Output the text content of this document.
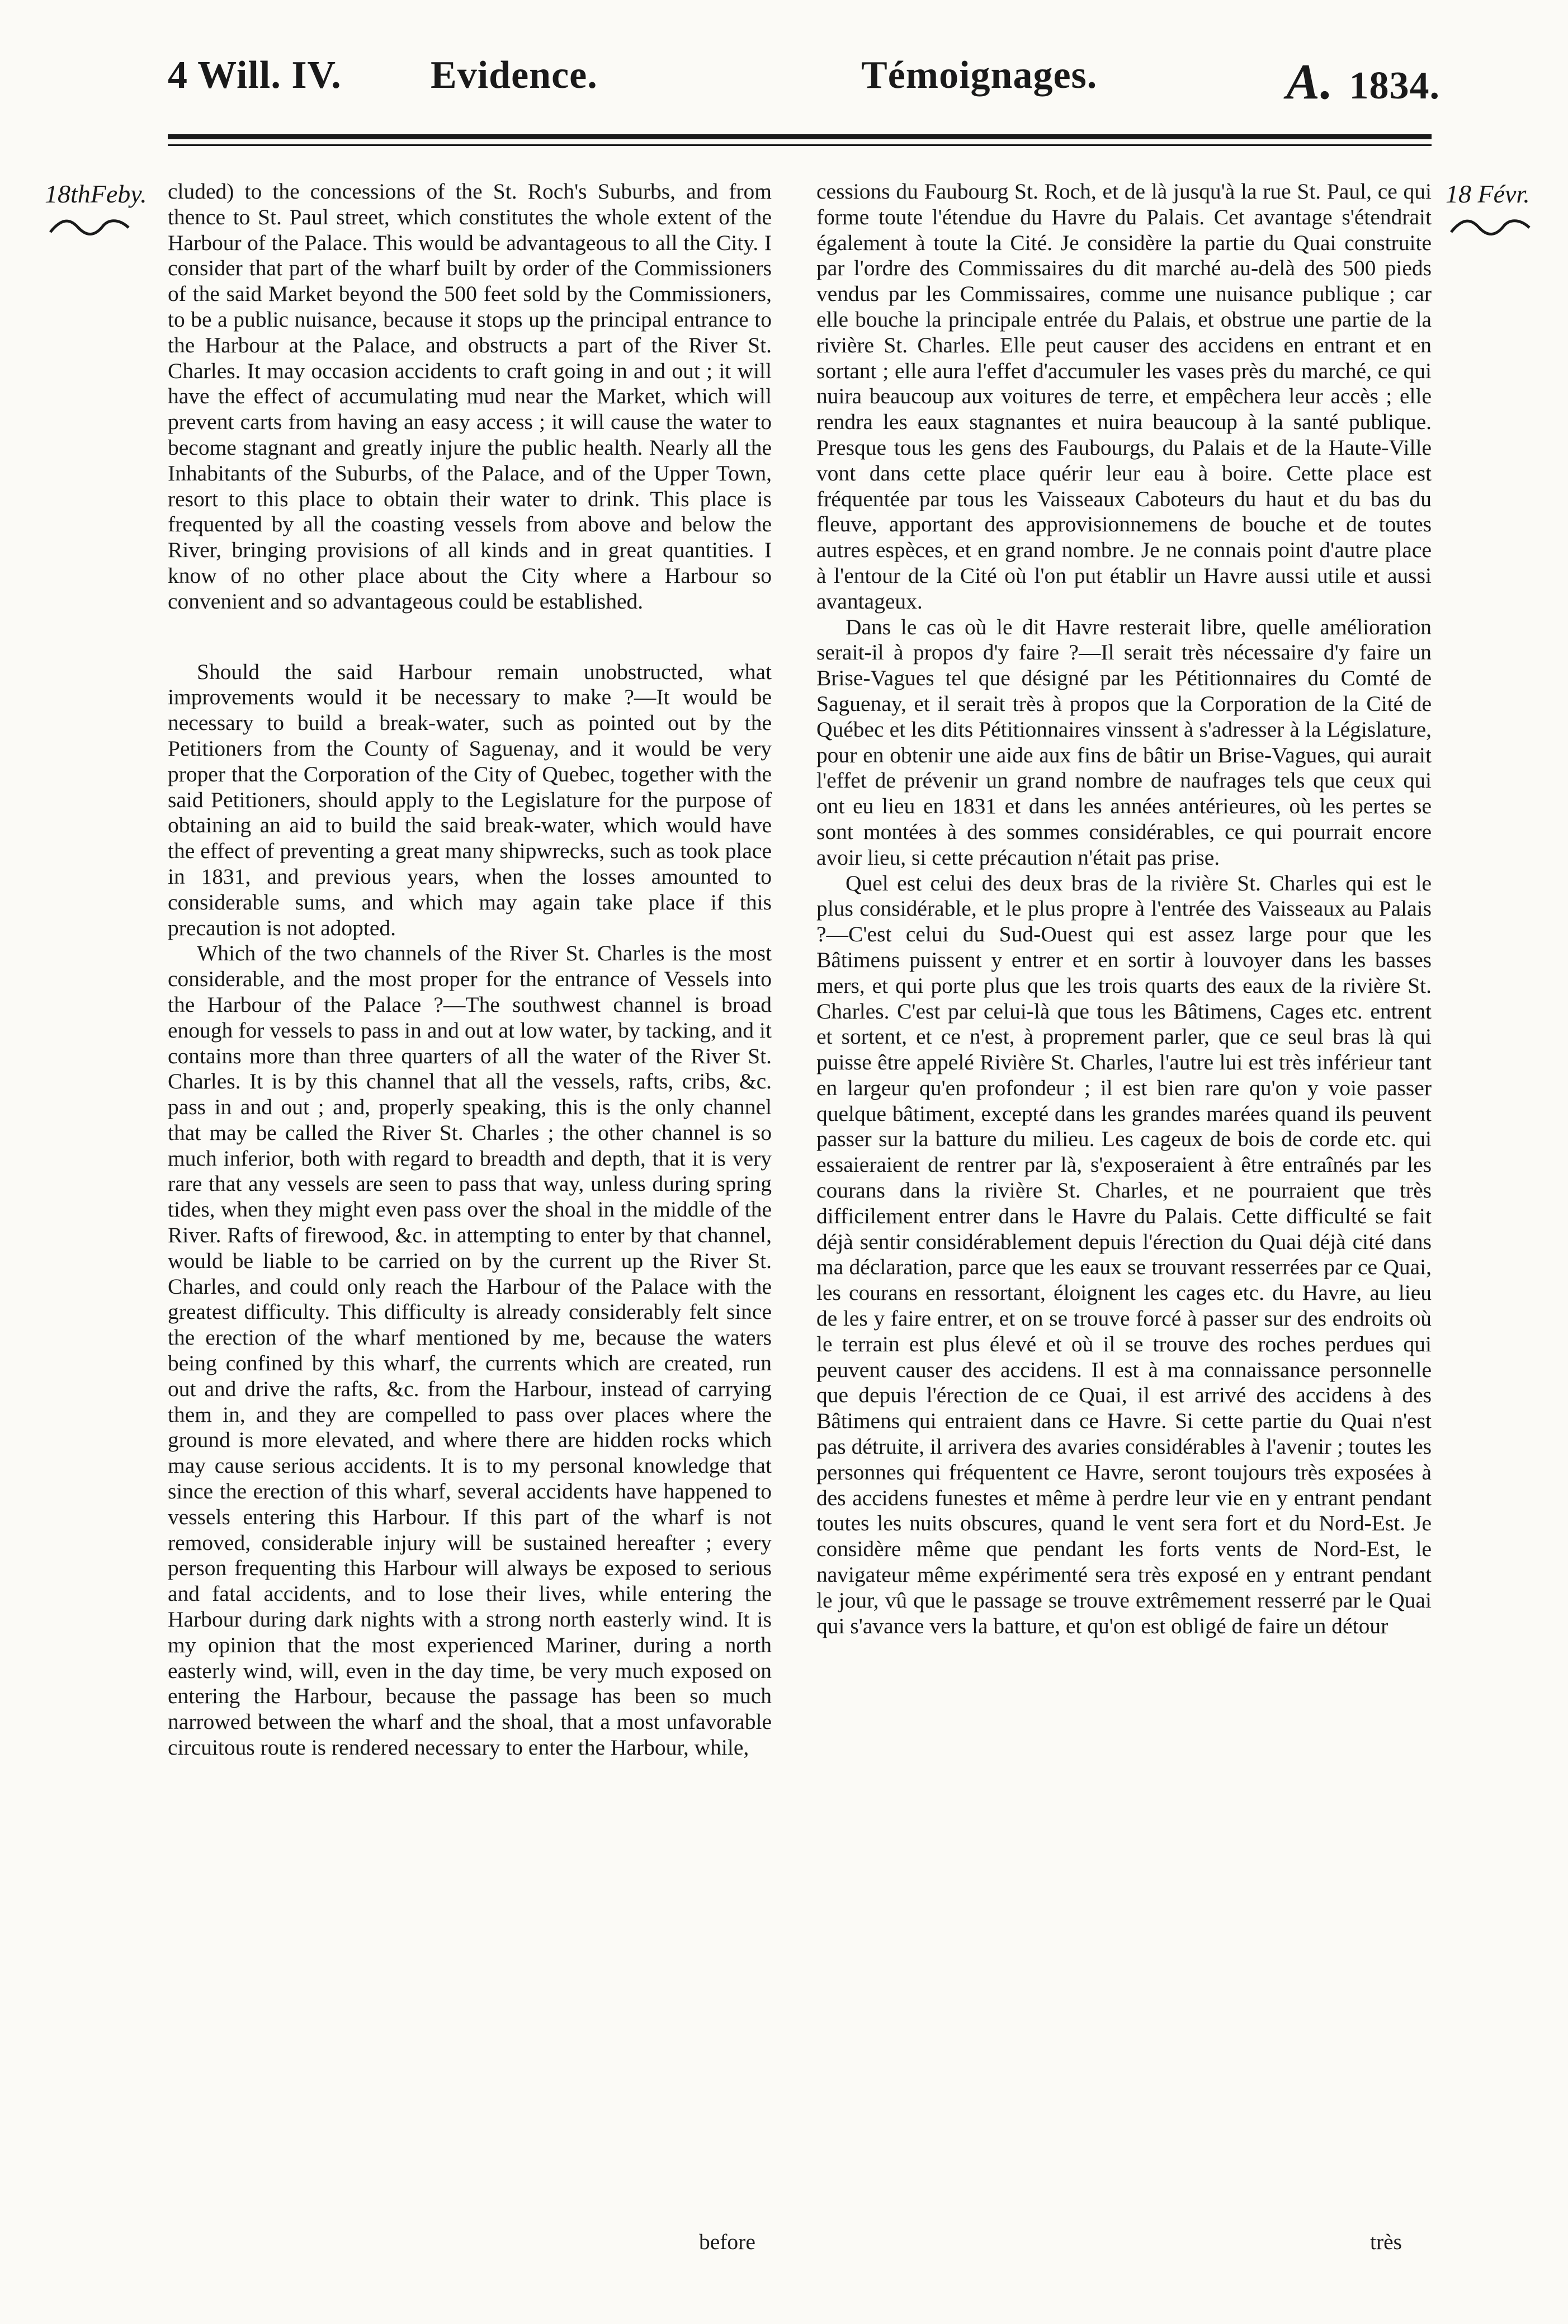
4 Will. IV. Evidence.	Témoignages.	A. 1834.
18thFeby.	18 Févr.

cluded) to the concessions of the St. Roch's Suburbs, and from thence to St. Paul street, which constitutes the whole extent of the Harbour of the Palace. This would be advantageous to all the City. I consider that part of the wharf built by order of the Commissioners of the said Market beyond the 500 feet sold by the Commissioners, to be a public nuisance, because it stops up the principal entrance to the Harbour at the Palace, and obstructs a part of the River St. Charles. It may occasion accidents to craft going in and out ; it will have the effect of accumulating mud near the Market, which will prevent carts from having an easy access ; it will cause the water to become stagnant and greatly injure the public health. Nearly all the Inhabitants of the Suburbs, of the Palace, and of the Upper Town, resort to this place to obtain their water to drink. This place is frequented by all the coasting vessels from above and below the River, bringing provisions of all kinds and in great quantities. I know of no other place about the City where a Harbour so convenient and so advantageous could be established.

Should the said Harbour remain unobstructed, what improvements would it be necessary to make ?—It would be necessary to build a break-water, such as pointed out by the Petitioners from the County of Saguenay, and it would be very proper that the Corporation of the City of Quebec, together with the said Petitioners, should apply to the Legislature for the purpose of obtaining an aid to build the said break-water, which would have the effect of preventing a great many shipwrecks, such as took place in 1831, and previous years, when the losses amounted to considerable sums, and which may again take place if this precaution is not adopted.

Which of the two channels of the River St. Charles is the most considerable, and the most proper for the entrance of Vessels into the Harbour of the Palace ?—The southwest channel is broad enough for vessels to pass in and out at low water, by tacking, and it contains more than three quarters of all the water of the River St. Charles. It is by this channel that all the vessels, rafts, cribs, &c. pass in and out ; and, properly speaking, this is the only channel that may be called the River St. Charles ; the other channel is so much inferior, both with regard to breadth and depth, that it is very rare that any vessels are seen to pass that way, unless during spring tides, when they might even pass over the shoal in the middle of the River. Rafts of firewood, &c. in attempting to enter by that channel, would be liable to be carried on by the current up the River St. Charles, and could only reach the Harbour of the Palace with the greatest difficulty. This difficulty is already considerably felt since the erection of the wharf mentioned by me, because the waters being confined by this wharf, the currents which are created, run out and drive the rafts, &c. from the Harbour, instead of carrying them in, and they are compelled to pass over places where the ground is more elevated, and where there are hidden rocks which may cause serious accidents. It is to my personal knowledge that since the erection of this wharf, several accidents have happened to vessels entering this Harbour. If this part of the wharf is not removed, considerable injury will be sustained hereafter ; every person frequenting this Harbour will always be exposed to serious and fatal accidents, and to lose their lives, while entering the Harbour during dark nights with a strong north easterly wind. It is my opinion that the most experienced Mariner, during a north easterly wind, will, even in the day time, be very much exposed on entering the Harbour, because the passage has been so much narrowed between the wharf and the shoal, that a most unfavorable circuitous route is rendered necessary to enter the Harbour, while,

before

cessions du Faubourg St. Roch, et de là jusqu'à la rue St. Paul, ce qui forme toute l'étendue du Havre du Palais. Cet avantage s'étendrait également à toute la Cité. Je considère la partie du Quai construite par l'ordre des Commissaires du dit marché au-delà des 500 pieds vendus par les Commissaires, comme une nuisance publique ; car elle bouche la principale entrée du Palais, et obstrue une partie de la rivière St. Charles. Elle peut causer des accidens en entrant et en sortant ; elle aura l'effet d'accumuler les vases près du marché, ce qui nuira beaucoup aux voitures de terre, et empêchera leur accès ; elle rendra les eaux stagnantes et nuira beaucoup à la santé publique. Presque tous les gens des Faubourgs, du Palais et de la Haute-Ville vont dans cette place quérir leur eau à boire. Cette place est fréquentée par tous les Vaisseaux Caboteurs du haut et du bas du fleuve, apportant des approvisionnemens de bouche et de toutes autres espèces, et en grand nombre. Je ne connais point d'autre place à l'entour de la Cité où l'on put établir un Havre aussi utile et aussi avantageux.

Dans le cas où le dit Havre resterait libre, quelle amélioration serait-il à propos d'y faire ?—Il serait très nécessaire d'y faire un Brise-Vagues tel que désigné par les Pétitionnaires du Comté de Saguenay, et il serait très à propos que la Corporation de la Cité de Québec et les dits Pétitionnaires vinssent à s'adresser à la Législature, pour en obtenir une aide aux fins de bâtir un Brise-Vagues, qui aurait l'effet de prévenir un grand nombre de naufrages tels que ceux qui ont eu lieu en 1831 et dans les années antérieures, où les pertes se sont montées à des sommes considérables, ce qui pourrait encore avoir lieu, si cette précaution n'était pas prise.

Quel est celui des deux bras de la rivière St. Charles qui est le plus considérable, et le plus propre à l'entrée des Vaisseaux au Palais ?—C'est celui du Sud-Ouest qui est assez large pour que les Bâtimens puissent y entrer et en sortir à louvoyer dans les basses mers, et qui porte plus que les trois quarts des eaux de la rivière St. Charles. C'est par celui-là que tous les Bâtimens, Cages etc. entrent et sortent, et ce n'est, à proprement parler, que ce seul bras là qui puisse être appelé Rivière St. Charles, l'autre lui est très inférieur tant en largeur qu'en profondeur ; il est bien rare qu'on y voie passer quelque bâtiment, excepté dans les grandes marées quand ils peuvent passer sur la batture du milieu. Les cageux de bois de corde etc. qui essaieraient de rentrer par là, s'exposeraient à être entraînés par les courans dans la rivière St. Charles, et ne pourraient que très difficilement entrer dans le Havre du Palais. Cette difficulté se fait déjà sentir considérablement depuis l'érection du Quai déjà cité dans ma déclaration, parce que les eaux se trouvant resserrées par ce Quai, les courans en ressortant, éloignent les cages etc. du Havre, au lieu de les y faire entrer, et on se trouve forcé à passer sur des endroits où le terrain est plus élevé et où il se trouve des roches perdues qui peuvent causer des accidens. Il est à ma connaissance personnelle que depuis l'érection de ce Quai, il est arrivé des accidens à des Bâtimens qui entraient dans ce Havre. Si cette partie du Quai n'est pas détruite, il arrivera des avaries considérables à l'avenir ; toutes les personnes qui fréquentent ce Havre, seront toujours très exposées à des accidens funestes et même à perdre leur vie en y entrant pendant toutes les nuits obscures, quand le vent sera fort et du Nord-Est. Je considère même que pendant les forts vents de Nord-Est, le navigateur même expérimenté sera très exposé en y entrant pendant le jour, vû que le passage se trouve extrêmement resserré par le Quai qui s'avance vers la batture, et qu'on est obligé de faire un détour

très
